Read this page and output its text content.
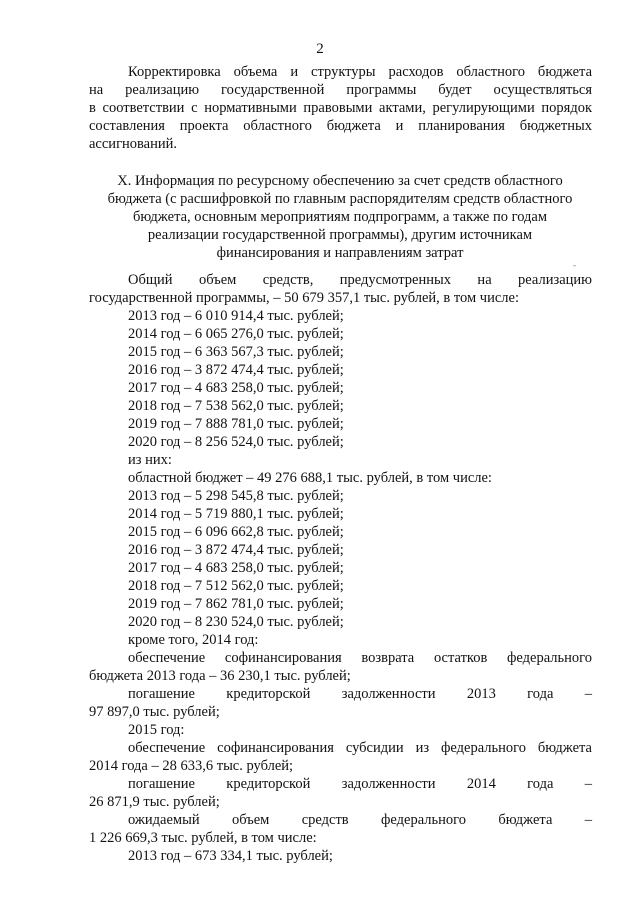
2
Корректировка объема и структуры расходов областного бюджета
на реализацию государственной программы будет осуществляться
в соответствии с нормативными правовыми актами, регулирующими порядок
составления проекта областного бюджета и планирования бюджетных
ассигнований.
X. Информация по ресурсному обеспечению за счет средств областного
бюджета (с расшифровкой по главным распорядителям средств областного
бюджета, основным мероприятиям подпрограмм, а также по годам
реализации государственной программы), другим источникам
финансирования и направлениям затрат
-
Общий объем средств, предусмотренных на реализацию
государственной программы, – 50 679 357,1 тыс. рублей, в том числе:
2013 год – 6 010 914,4 тыс. рублей;
2014 год – 6 065 276,0 тыс. рублей;
2015 год – 6 363 567,3 тыс. рублей;
2016 год – 3 872 474,4 тыс. рублей;
2017 год – 4 683 258,0 тыс. рублей;
2018 год – 7 538 562,0 тыс. рублей;
2019 год – 7 888 781,0 тыс. рублей;
2020 год – 8 256 524,0 тыс. рублей;
из них:
областной бюджет – 49 276 688,1 тыс. рублей, в том числе:
2013 год – 5 298 545,8 тыс. рублей;
2014 год – 5 719 880,1 тыс. рублей;
2015 год – 6 096 662,8 тыс. рублей;
2016 год – 3 872 474,4 тыс. рублей;
2017 год – 4 683 258,0 тыс. рублей;
2018 год – 7 512 562,0 тыс. рублей;
2019 год – 7 862 781,0 тыс. рублей;
2020 год – 8 230 524,0 тыс. рублей;
кроме того, 2014 год:
обеспечение софинансирования возврата остатков федерального
бюджета 2013 года – 36 230,1 тыс. рублей;
погашение кредиторской задолженности 2013 года –
97 897,0 тыс. рублей;
2015 год:
обеспечение софинансирования субсидии из федерального бюджета
2014 года – 28 633,6 тыс. рублей;
погашение кредиторской задолженности 2014 года –
26 871,9 тыс. рублей;
ожидаемый объем средств федерального бюджета –
1 226 669,3 тыс. рублей, в том числе:
2013 год – 673 334,1 тыс. рублей;
